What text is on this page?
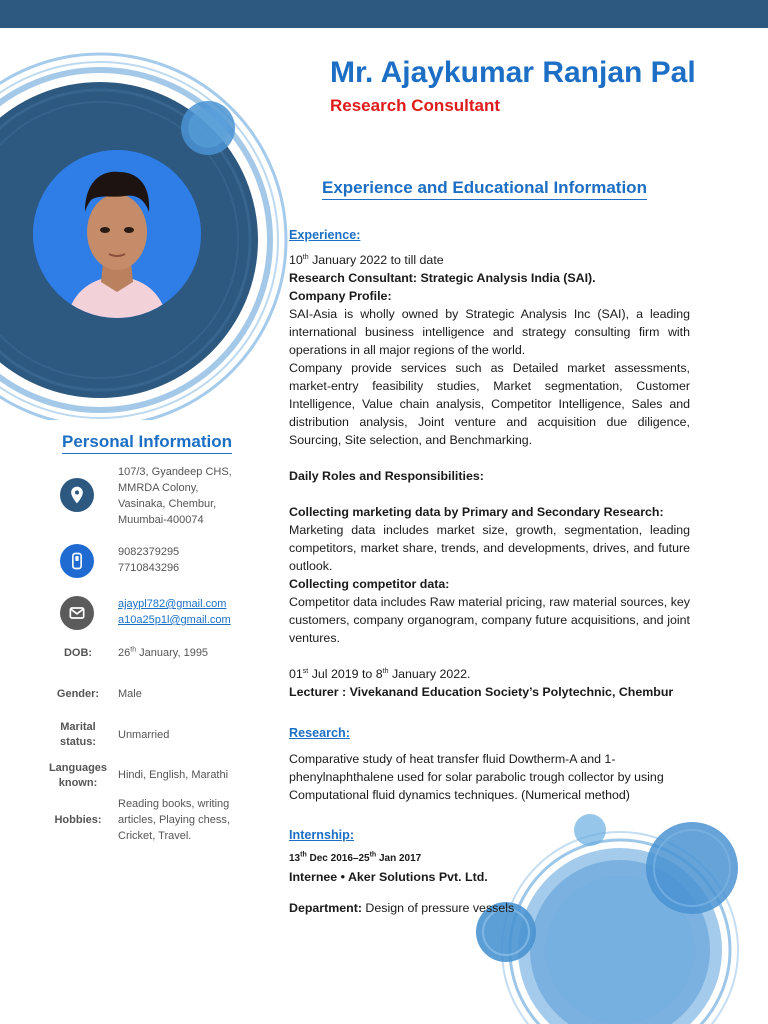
Mr. Ajaykumar Ranjan Pal
Research Consultant
Experience and Educational Information
Experience:
10th January 2022 to till date
Research Consultant: Strategic Analysis India (SAI).
Company Profile:
SAI-Asia is wholly owned by Strategic Analysis Inc (SAI), a leading international business intelligence and strategy consulting firm with operations in all major regions of the world.
Company provide services such as Detailed market assessments, market-entry feasibility studies, Market segmentation, Customer Intelligence, Value chain analysis, Competitor Intelligence, Sales and distribution analysis, Joint venture and acquisition due diligence, Sourcing, Site selection, and Benchmarking.
Daily Roles and Responsibilities:
Collecting marketing data by Primary and Secondary Research:
Marketing data includes market size, growth, segmentation, leading competitors, market share, trends, and developments, drives, and future outlook.
Collecting competitor data:
Competitor data includes Raw material pricing, raw material sources, key customers, company organogram, company future acquisitions, and joint ventures.
01st Jul 2019 to 8th January 2022.
Lecturer : Vivekanand Education Society’s Polytechnic, Chembur
Research:
Comparative study of heat transfer fluid Dowtherm-A and 1-phenylnaphthalene used for solar parabolic trough collector by using Computational fluid dynamics techniques. (Numerical method)
Internship:
13th Dec 2016–25th Jan 2017
Internee • Aker Solutions Pvt. Ltd.
Department: Design of pressure vessels
Personal Information
107/3, Gyandeep CHS,
MMRDA Colony,
Vasinaka, Chembur,
Muumbai-400074
9082379295
7710843296
ajaypl782@gmail.com
a10a25p1l@gmail.com
DOB:	26th January, 1995
Gender:	Male
Marital
status:
Unmarried
Languages
known:
Hindi, English, Marathi
Hobbies:
Reading books, writing
articles, Playing chess,
Cricket, Travel.
